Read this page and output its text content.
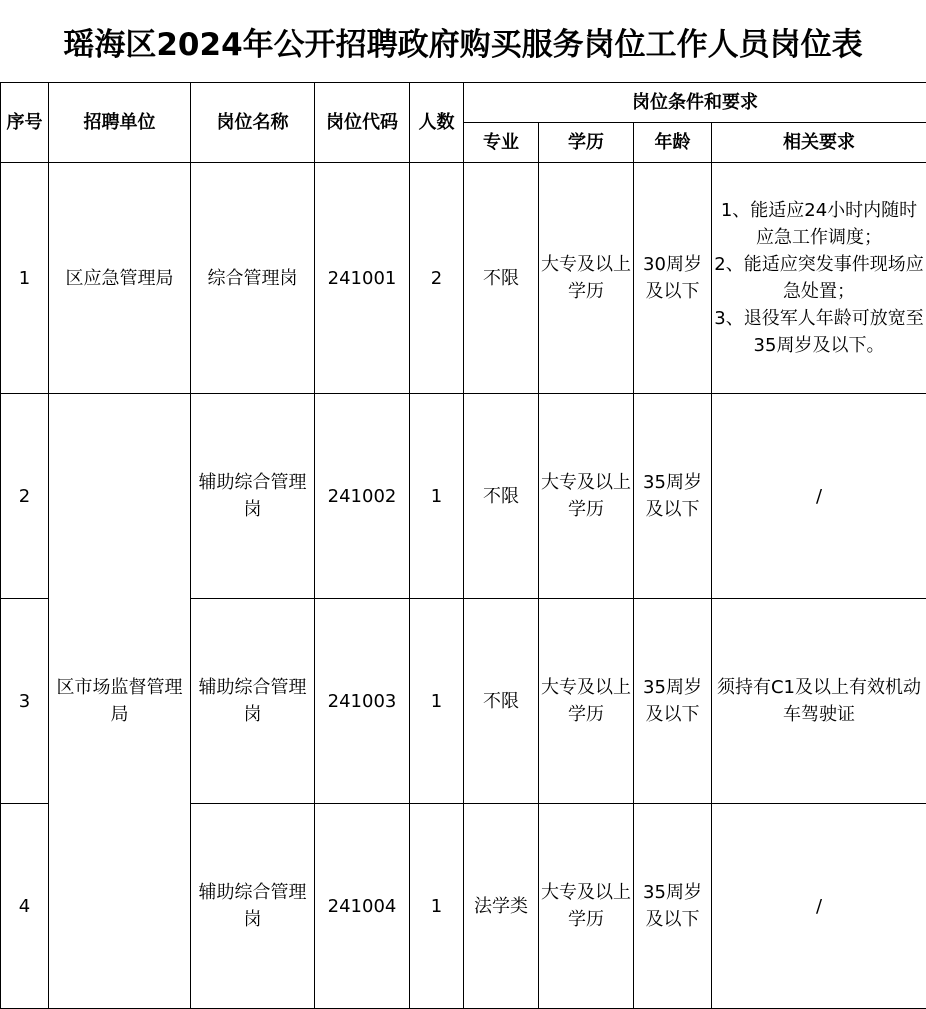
瑶海区2024年公开招聘政府购买服务岗位工作人员岗位表
序号	招聘单位	岗位名称	岗位代码	人数	岗位条件和要求			
					专业	学历	年龄	相关要求
1	区应急管理局	综合管理岗	241001	2	不限	大专及以上学历	30周岁及以下	1、能适应24小时内随时应急工作调度；
2、能适应突发事件现场应急处置；
3、退役军人年龄可放宽至35周岁及以下。

2	区市场监督管理局	辅助综合管理岗	241002	1	不限	大专及以上学历	35周岁及以下	/
3		辅助综合管理岗	241003	1	不限	大专及以上学历	35周岁及以下	须持有C1及以上有效机动车驾驶证
4		辅助综合管理岗	241004	1	法学类	大专及以上学历	35周岁及以下	/
